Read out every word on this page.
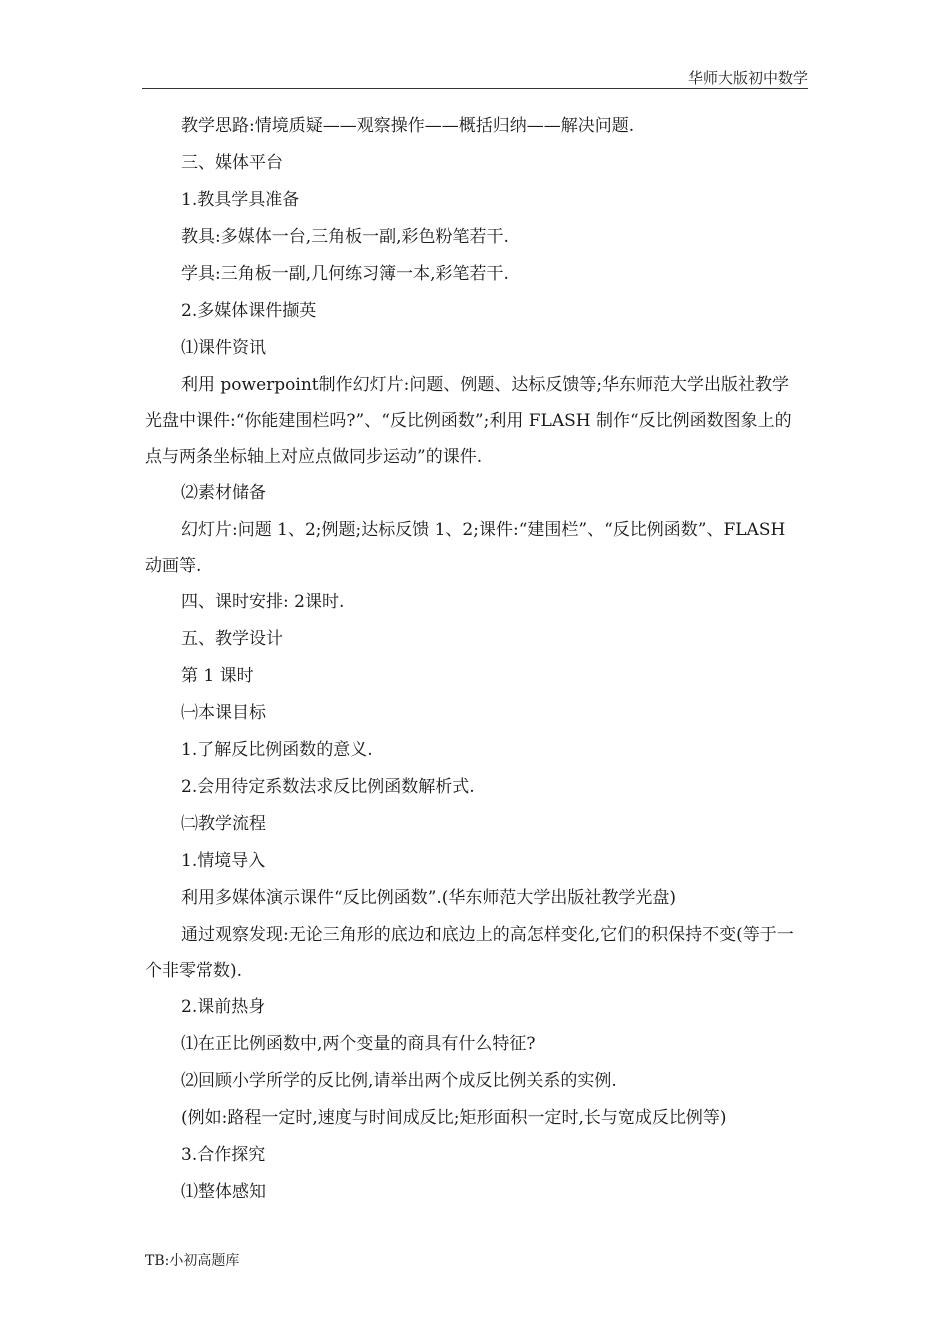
华师大版初中数学

教学思路:情境质疑——观察操作——概括归纳——解决问题.

三、媒体平台

1.教具学具准备

教具:多媒体一台,三角板一副,彩色粉笔若干.

学具:三角板一副,几何练习簿一本,彩笔若干.

2.多媒体课件撷英

⑴课件资讯

利用 powerpoint制作幻灯片:问题、例题、达标反馈等;华东师范大学出版社教学光盘中课件:“你能建围栏吗?”、“反比例函数”;利用 FLASH 制作“反比例函数图象上的点与两条坐标轴上对应点做同步运动”的课件.

⑵素材储备

幻灯片:问题 1、2;例题;达标反馈 1、2;课件:“建围栏”、“反比例函数”、FLASH 动画等.

四、课时安排: 2课时.

五、教学设计

第 1 课时

㈠本课目标

1.了解反比例函数的意义.

2.会用待定系数法求反比例函数解析式.

㈡教学流程

1.情境导入

利用多媒体演示课件“反比例函数”.(华东师范大学出版社教学光盘)

通过观察发现:无论三角形的底边和底边上的高怎样变化,它们的积保持不变(等于一个非零常数).

2.课前热身

⑴在正比例函数中,两个变量的商具有什么特征?

⑵回顾小学所学的反比例,请举出两个成反比例关系的实例.

(例如:路程一定时,速度与时间成反比;矩形面积一定时,长与宽成反比例等)

3.合作探究

⑴整体感知

TB:小初高题库
